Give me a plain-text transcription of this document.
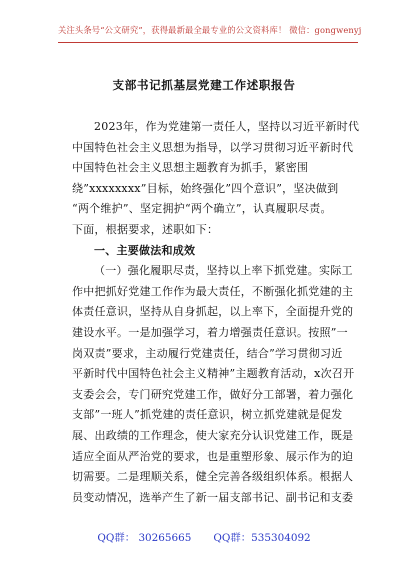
关注头条号“公文研究”，获得最新最全最专业的公文资料库！ 微信：gongwenyj
支部书记抓基层党建工作述职报告
2023年，作为党建第一责任人，坚持以习近平新时代
中国特色社会主义思想为指导，以学习贯彻习近平新时代
中国特色社会主义思想主题教育为抓手，紧密围
绕”xxxxxxxx”目标，始终强化”四个意识”，坚决做到
“两个维护”、坚定拥护“两个确立”，认真履职尽责。
下面，根据要求，述职如下：
一、主要做法和成效
（一）强化履职尽责，坚持以上率下抓党建。实际工
作中把抓好党建工作作为最大责任，不断强化抓党建的主
体责任意识，坚持从自身抓起，以上率下，全面提升党的
建设水平。一是加强学习，着力增强责任意识。按照”一
岗双责”要求，主动履行党建责任，结合”学习贯彻习近
平新时代中国特色社会主义精神”主题教育活动，x次召开
支委会会，专门研究党建工作，做好分工部署，着力强化
支部”一班人”抓党建的责任意识，树立抓党建就是促发
展、出政绩的工作理念，使大家充分认识党建工作，既是
适应全面从严治党的要求，也是重塑形象、展示作为的迫
切需要。二是理顺关系，健全完善各级组织体系。根据人
员变动情况，选举产生了新一届支部书记、副书记和支委
QQ群： 30265665 QQ群：535304092
